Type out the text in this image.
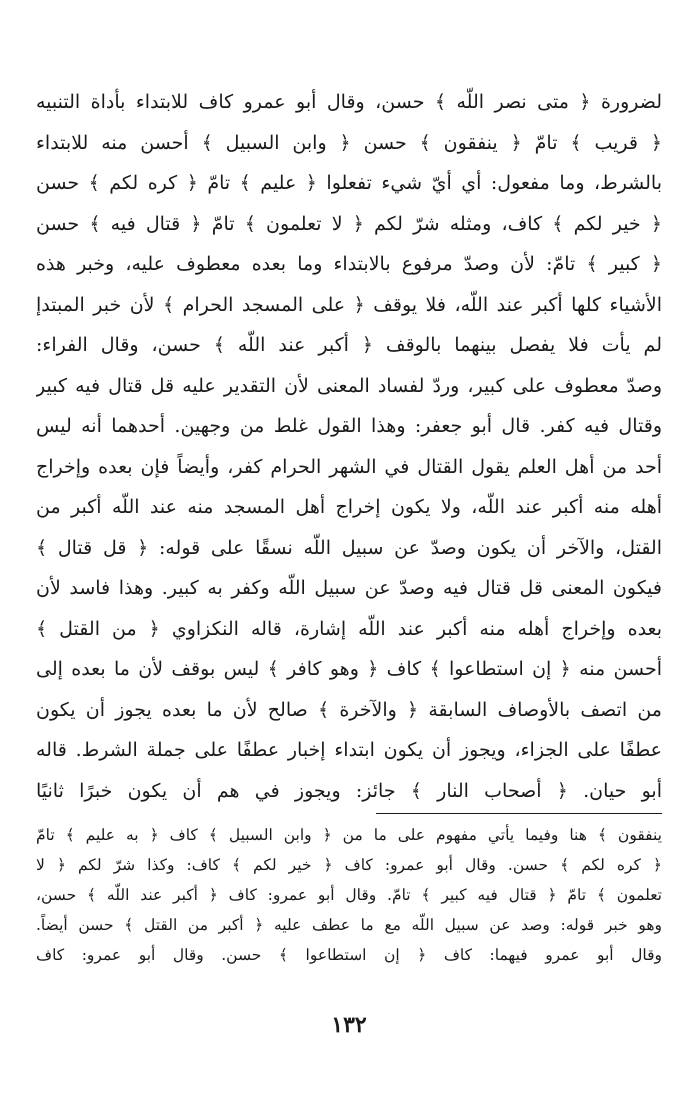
لضرورة ﴿ متى نصر اللّه ﴾ حسن، وقال أبو عمرو كاف للابتداء بأداة التنبيه
﴿ قريب ﴾ تامّ ﴿ ينفقون ﴾ حسن ﴿ وابن السبيل ﴾ أحسن منه للابتداء
بالشرط، وما مفعول: أي أيّ شيء تفعلوا ﴿ عليم ﴾ تامّ ﴿ كره لكم ﴾ حسن
﴿ خير لكم ﴾ كاف، ومثله شرّ لكم ﴿ لا تعلمون ﴾ تامّ ﴿ قتال فيه ﴾ حسن
﴿ كبير ﴾ تامّ: لأن وصدّ مرفوع بالابتداء وما بعده معطوف عليه، وخبر هذه
الأشياء كلها أكبر عند اللّه، فلا يوقف ﴿ على المسجد الحرام ﴾ لأن خبر المبتدإ
لم يأت فلا يفصل بينهما بالوقف ﴿ أكبر عند اللّه ﴾ حسن، وقال الفراء:
وصدّ معطوف على كبير، وردّ لفساد المعنى لأن التقدير عليه قل قتال فيه كبير
وقتال فيه كفر. قال أبو جعفر: وهذا القول غلط من وجهين. أحدهما أنه ليس
أحد من أهل العلم يقول القتال في الشهر الحرام كفر، وأيضاً فإن بعده وإخراج
أهله منه أكبر عند اللّه، ولا يكون إخراج أهل المسجد منه عند اللّه أكبر من
القتل، والآخر أن يكون وصدّ عن سبيل اللّه نسقًا على قوله: ﴿ قل قتال ﴾
فيكون المعنى قل قتال فيه وصدّ عن سبيل اللّه وكفر به كبير. وهذا فاسد لأن
بعده وإخراج أهله منه أكبر عند اللّه إشارة، قاله النكزاوي ﴿ من القتل ﴾
أحسن منه ﴿ إن استطاعوا ﴾ كاف ﴿ وهو كافر ﴾ ليس بوقف لأن ما بعده إلى
من اتصف بالأوصاف السابقة ﴿ والآخرة ﴾ صالح لأن ما بعده يجوز أن يكون
عطفًا على الجزاء، ويجوز أن يكون ابتداء إخبار عطفًا على جملة الشرط. قاله
أبو حيان. ﴿ أصحاب النار ﴾ جائز: ويجوز في هم أن يكون خبرًا ثانيًا
ينفقون ﴾ هنا وفيما يأتي مفهوم على ما من ﴿ وابن السبيل ﴾ كاف ﴿ به عليم ﴾ تامّ
﴿ كره لكم ﴾ حسن. وقال أبو عمرو: كاف ﴿ خير لكم ﴾ كاف: وكذا شرّ لكم ﴿ لا
تعلمون ﴾ تامّ ﴿ قتال فيه كبير ﴾ تامّ. وقال أبو عمرو: كاف ﴿ أكبر عند اللّه ﴾ حسن،
وهو خبر قوله: وصد عن سبيل اللّه مع ما عطف عليه ﴿ أكبر من القتل ﴾ حسن أيضاً.
وقال أبو عمرو فيهما: كاف ﴿ إن استطاعوا ﴾ حسن. وقال أبو عمرو: كاف
١٣٢
